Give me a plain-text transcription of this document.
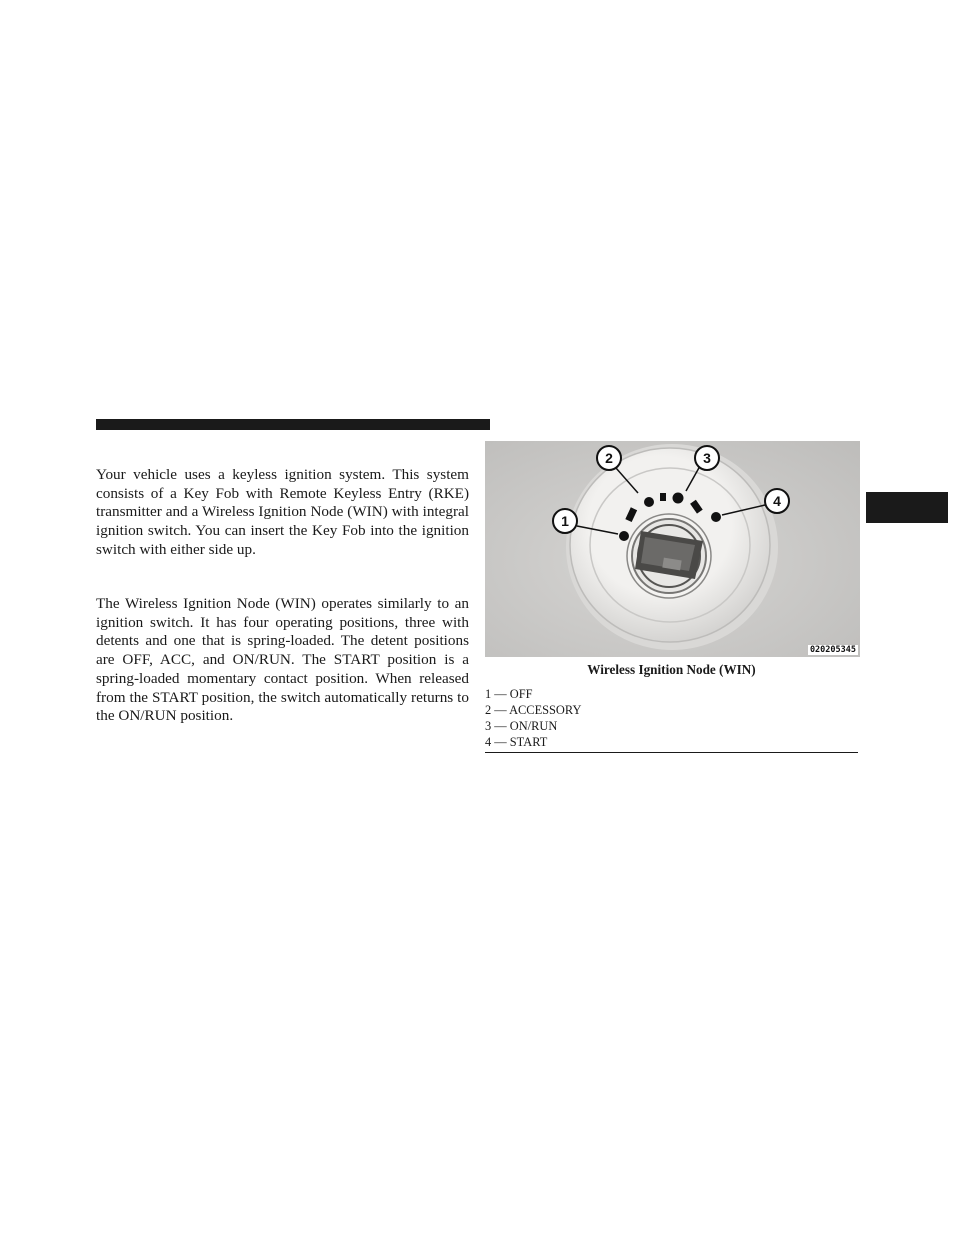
Your vehicle uses a keyless ignition system. This system consists of a Key Fob with Remote Keyless Entry (RKE) transmitter and a Wireless Ignition Node (WIN) with integral ignition switch. You can insert the Key Fob into the ignition switch with either side up.

The Wireless Ignition Node (WIN) operates similarly to an ignition switch. It has four operating positions, three with detents and one that is spring-loaded. The detent positions are OFF, ACC, and ON/RUN. The START position is a spring-loaded momentary contact position. When released from the START position, the switch automatically returns to the ON/RUN position.

1
2	3
4
020205345

Wireless Ignition Node (WIN)

1 — OFF
2 — ACCESSORY
3 — ON/RUN
4 — START
